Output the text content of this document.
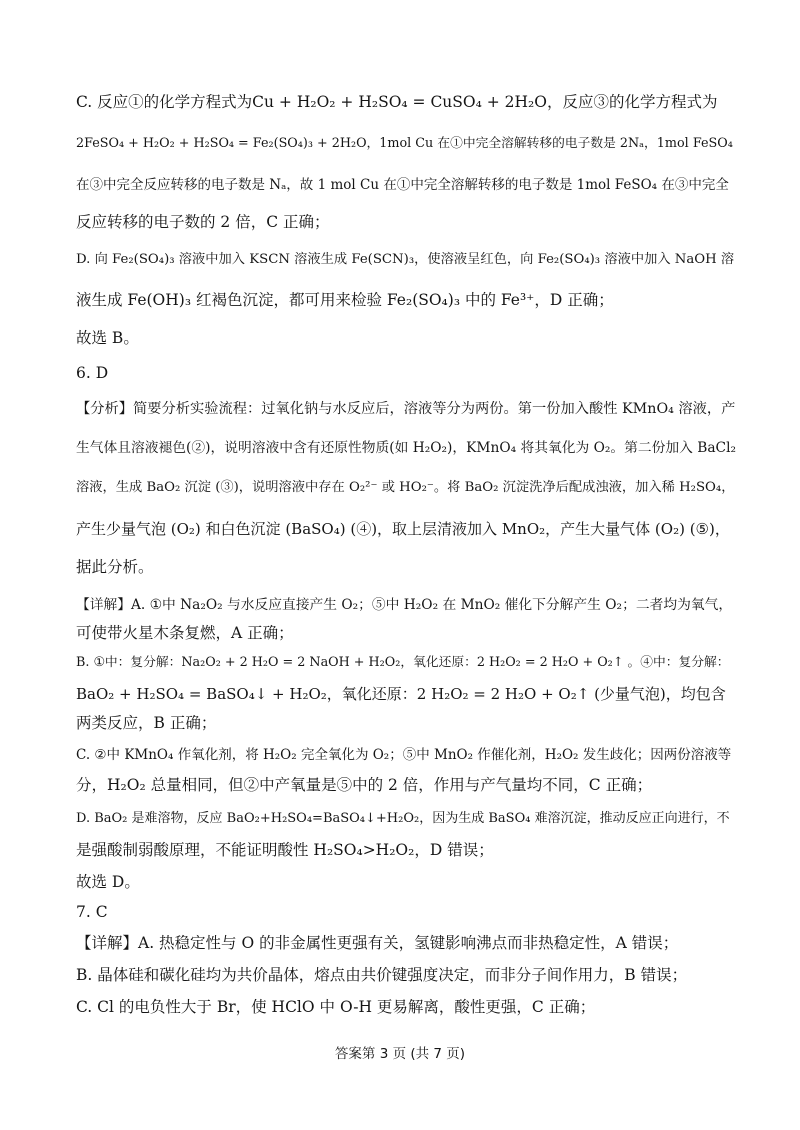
C. 反应①的化学方程式为Cu + H₂O₂ + H₂SO₄ = CuSO₄ + 2H₂O，反应③的化学方程式为
2FeSO₄ + H₂O₂ + H₂SO₄ = Fe₂(SO₄)₃ + 2H₂O，1mol Cu 在①中完全溶解转移的电子数是 2Nₐ，1mol FeSO₄
在③中完全反应转移的电子数是 Nₐ，故 1 mol Cu 在①中完全溶解转移的电子数是 1mol FeSO₄ 在③中完全
反应转移的电子数的 2 倍，C 正确；
D. 向 Fe₂(SO₄)₃ 溶液中加入 KSCN 溶液生成 Fe(SCN)₃，使溶液呈红色，向 Fe₂(SO₄)₃ 溶液中加入 NaOH 溶
液生成 Fe(OH)₃ 红褐色沉淀，都可用来检验 Fe₂(SO₄)₃ 中的 Fe³⁺，D 正确；
故选 B。
6. D
【分析】简要分析实验流程：过氧化钠与水反应后，溶液等分为两份。第一份加入酸性 KMnO₄ 溶液，产
生气体且溶液褪色(②)，说明溶液中含有还原性物质(如 H₂O₂)，KMnO₄ 将其氧化为 O₂。第二份加入 BaCl₂
溶液，生成 BaO₂ 沉淀 (③)，说明溶液中存在 O₂²⁻ 或 HO₂⁻。将 BaO₂ 沉淀洗净后配成浊液，加入稀 H₂SO₄，
产生少量气泡 (O₂) 和白色沉淀 (BaSO₄) (④)，取上层清液加入 MnO₂，产生大量气体 (O₂) (⑤)，
据此分析。
【详解】A. ①中 Na₂O₂ 与水反应直接产生 O₂；⑤中 H₂O₂ 在 MnO₂ 催化下分解产生 O₂；二者均为氧气，
可使带火星木条复燃，A 正确；
B. ①中：复分解：Na₂O₂ + 2 H₂O = 2 NaOH + H₂O₂，氧化还原：2 H₂O₂ = 2 H₂O + O₂↑ 。④中：复分解：
BaO₂ + H₂SO₄ = BaSO₄↓ + H₂O₂，氧化还原：2 H₂O₂ = 2 H₂O + O₂↑ (少量气泡)，均包含
两类反应，B 正确；
C. ②中 KMnO₄ 作氧化剂，将 H₂O₂ 完全氧化为 O₂；⑤中 MnO₂ 作催化剂，H₂O₂ 发生歧化；因两份溶液等
分，H₂O₂ 总量相同，但②中产氧量是⑤中的 2 倍，作用与产气量均不同，C 正确；
D. BaO₂ 是难溶物，反应 BaO₂+H₂SO₄=BaSO₄↓+H₂O₂，因为生成 BaSO₄ 难溶沉淀，推动反应正向进行，不
是强酸制弱酸原理，不能证明酸性 H₂SO₄>H₂O₂，D 错误；
故选 D。
7. C
【详解】A. 热稳定性与 O 的非金属性更强有关，氢键影响沸点而非热稳定性，A 错误；
B. 晶体硅和碳化硅均为共价晶体，熔点由共价键强度决定，而非分子间作用力，B 错误；
C. Cl 的电负性大于 Br，使 HClO 中 O-H 更易解离，酸性更强，C 正确；
答案第 3 页 (共 7 页)
